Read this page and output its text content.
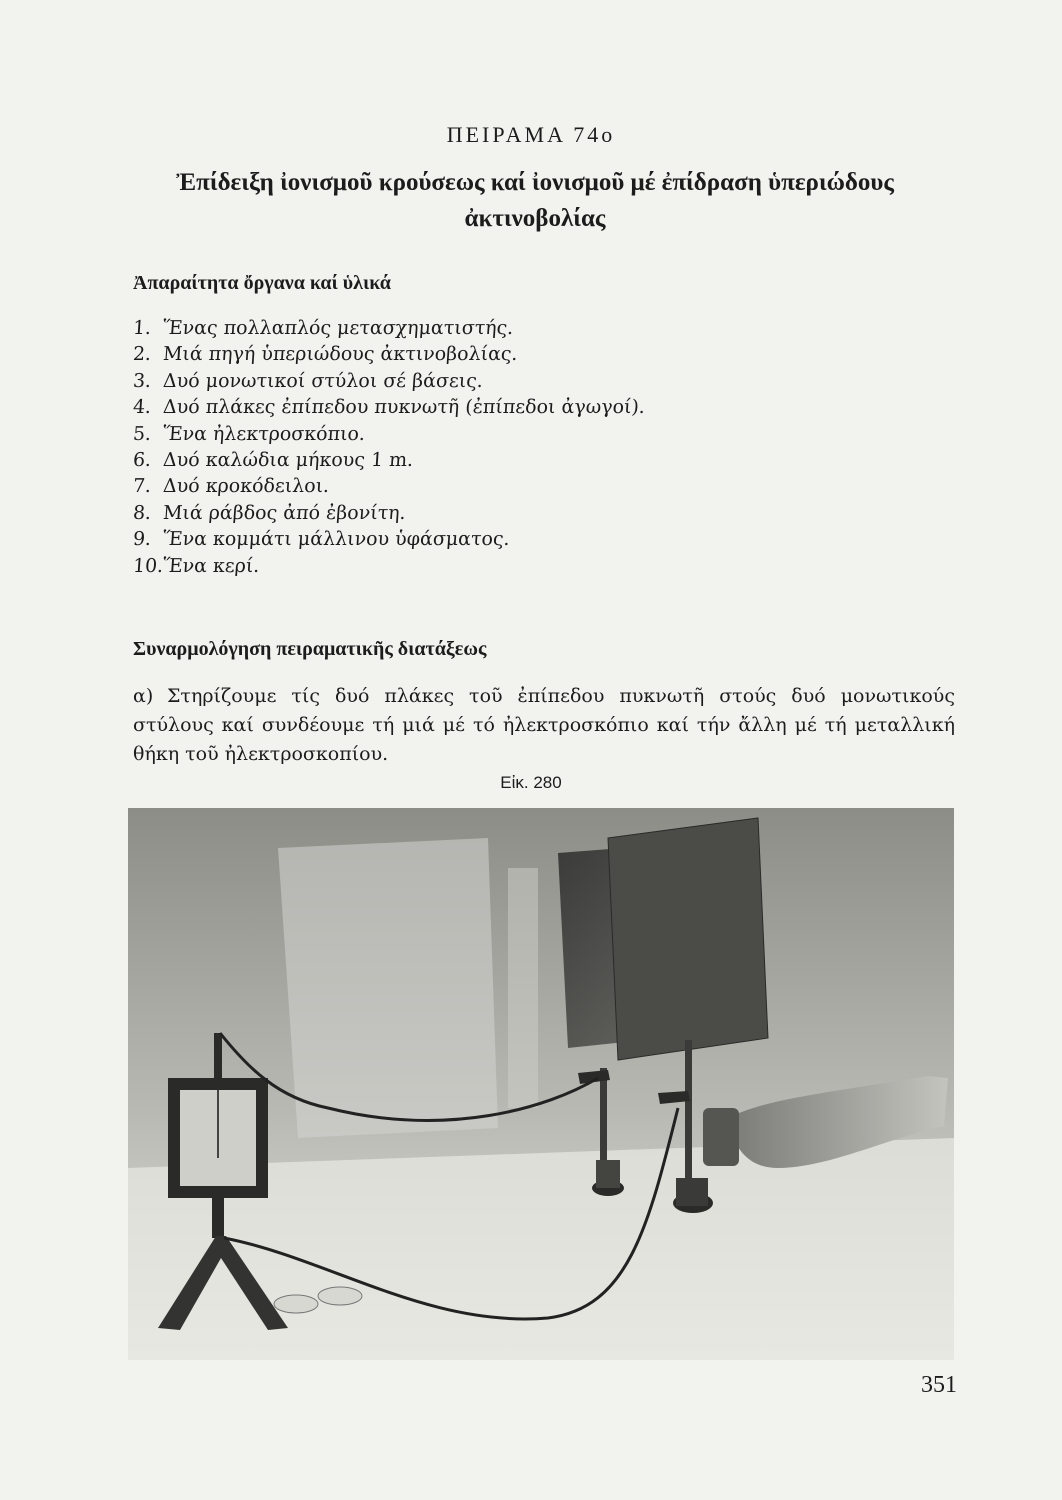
ΠΕΙΡΑΜΑ 74ο
Ἐπίδειξη ἰονισμοῦ κρούσεως καί ἰονισμοῦ μέ ἐπίδραση ὑπεριώδους
ἀκτινοβολίας
Ἀπαραίτητα ὄργανα καί ὑλικά
1. Ἕνας πολλαπλός μετασχηματιστής.
2. Μιά πηγή ὑπεριώδους ἀκτινοβολίας.
3. Δυό μονωτικοί στύλοι σέ βάσεις.
4. Δυό πλάκες ἐπίπεδου πυκνωτῆ (ἐπίπεδοι ἀγωγοί).
5. Ἕνα ἠλεκτροσκόπιο.
6. Δυό καλώδια μήκους 1 m.
7. Δυό κροκόδειλοι.
8. Μιά ράβδος ἀπό ἐβονίτη.
9. Ἕνα κομμάτι μάλλινου ὑφάσματος.
10.Ἕνα κερί.
Συναρμολόγηση πειραματικῆς διατάξεως
α) Στηρίζουμε τίς δυό πλάκες τοῦ ἐπίπεδου πυκνωτῆ στούς δυό μονωτικούς στύλους καί συνδέουμε τή μιά μέ τό ἠλεκτροσκόπιο καί τήν ἄλλη μέ τή μεταλλική θήκη τοῦ ἠλεκτροσκοπίου.
Εἰκ. 280
351
